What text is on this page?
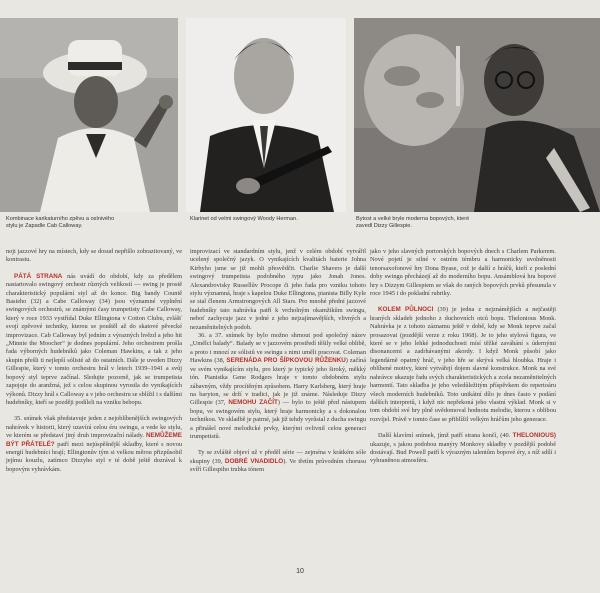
Kombinace karikaturního zpěvu a oslnivého stylu je Zapadle Cab Calloway.
Klarinet od velmi swingový Woody Herman.	Bytost a velké bryle moderna bopových, které zavedl Dizzy Gillespie.

noji jazzové hry na místech, kdy se dosud nepřišlo zobrazitovaný, ve kontrastu.

PÁTÁ STRANA nás uvádí do období, kdy za předělem nastartovalo swingový orchestr různých velikostí — swing je prostě charakteristický populární styl až do konce. Big bandy Countě Basieho (32) a Cabe Calloway (34) jsou významné vyplnění swingových orchestrů, se známými časy trumpetisty Cabe Calloway, který v roce 1933 vystřídal Duke Ellingtona v Cotton Clubu, zvlášť svojí zpěvové techniky, kterou se pouštěl až do skatové pěvecké improvizace. Cab Calloway byl jedním z výrazných hvězd a jeho hit „Minnie the Moocher“ je dodnes populární. Jeho orchestrem prošla řada výborných hudebníků jako Coleman Hawkins, a tak z jeho skupin přešli ti nejlepší sólisté až do ostatních. Dále je uveden Dizzy Gillespie, který v tomto orchestru hrál v letech 1939–1941 a svůj bopový styl teprve začínal. Sledujte pozorně, jak se trumpetista zapojuje do aranžmá, jež s celou skupinou vyrostla do vynikajících výkonů. Dizzy hrál s Calloway a v jeho orchestru se sblížil i s dalšími hudebníky, kteří se později podíleli na vzniku bebopu.

35. snímek však představuje jeden z nejoblíbenějších swingových nahrávek v historii, který uzavírá celou éru swingu, a vede ke stylu, ve kterém se představí jiný druh improvizační nálady. NEMŮŽEME BÝT PŘÁTELÉ? patří mezi nejúspěšnější skladby, které s novou energií hudebníci hrají; Ellingtonův tým si velkou měrou přizpůsobil jejímu kouzlu, zatímco Dizzyho styl v té době ještě dozrával k bopovým vyhrávkám.

improvizací ve standardním stylu, jenž v celém období vytvářil ucelený společný jazyk. O vynikajících kvalitách baterie Johna Kirbyho jsme se již mohli přesvědčit. Charlie Shavers je další swingový trumpetista podobného typu jako Jonah Jones. Alexandrovisky Russellův Procope či jeho řada pro vzniku tohoto stylu významná, hraje s kapelou Duke Ellingtona, pianista Billy Kyle se stal členem Armstrongových All Stars. Pro mnohé přední jazzové hudebníky tato nahrávka patří k vrcholným okamžikům swingu, neboť zachycuje jazz v jedné z jeho nejzajímavějších, vlivných a nezaměnitelných podob.

36. a 37. snímek by bylo možno shrnout pod společný název „Umělci balady“. Balady se v jazzovém prostředí těšily velké oblibě, a proto i mnozí ze sólistů ve swingu s nimi uměli pracovat. Coleman Hawkins (38, SERENÁDA PRO ŠÍPKOVOU RŮŽENKU) začíná ve svém vynikajícím stylu, pro který je typický jeho široký, měkký tón. Pianistka Gene Rodgers hraje v tomto obdobném stylu zábavným, vždy procítěným způsobem. Harry Karlsberg, který hraje na baryton, se drží v tradici, jak je již známe. Následuje Dizzy Gillespie (37, NEMOHU ZAČÍT) — bylo to ještě před nástupem bopu, ve swingovém stylu, který hraje harmonicky a s dokonalou technikou. Ve skladbě je patrné, jak již tehdy vyrůstal z ducha swingu a přinášel nové melodické prvky, kterými ovlivnil celou generaci trumpetistů.

Ty se zvláště objeví už v předěl série — zejména v krátkém sóle skupiny (39, DOBRÉ VNADIDLO). Ve třetím průvodním chorusu svíří Gillespiho trubka tónem

jako v jeho slavných portorských bopových dnech s Charlem Parkerem. Nové pojetí je silné v ostrém témbru a harmonicky uvolněnosti tenorsaxofonové hry Dona Byase, což je další z hráčů, kteří z poslední doby swingu přecházejí až do moderního bopu. Ansámblová hra bopové hry s Dizzym Gillespiem se však do raných bopových prvků přesunula v roce 1945 i do pokladní rubriky.

KOLEM PŮLNOCI (39) je jedna z nejznámějších a nejčastěji hraných skladeb jednoho z duchovních otců bopu. Thelonious Monk. Nahrávka je z tohoto záznamu ještě v době, kdy se Monk teprve začal prosazovat (pozdější verze z roku 1968). Je to jeho stylová figura, ve které se v jeho lehké jednoduchosti mísí těžké zaváhání s údernými disonancemi a zadrhávanými akordy. I když Monk působí jako legendárně opatrný hráč, v jeho hře se skrývá velká hloubka. Hraje i oblíbené motivy, které vytvářejí dojem slavné konstrukce. Monk na své nahrávce ukazuje řadu svých charakteristických a zcela nezaměnitelných harmonií. Tato skladba je jeho veledůležitým příspěvkem do repertoáru všech moderních hudebníků. Toto unikátní dílo je dnes často v podání dalších interpretů, i když nic nepřekoná jeho vlastní výklad. Monk si v tom období své hry plně uvědomoval hodnotu melodie, kterou s oblibou rozvíjel. Právě v tomto čase se přiblížil velkým hráčům jeho generace.

Další klavírní snímek, jímž patří strana končí, (40. THELONIOUS) ukazuje, s jakou podobou manýry Monkovy skladby v pozdější podobě dostávají. Bud Powell patří k výrazným talentům bopové éry, s níž sdílí i vyhraněnou atmosféru.

10
